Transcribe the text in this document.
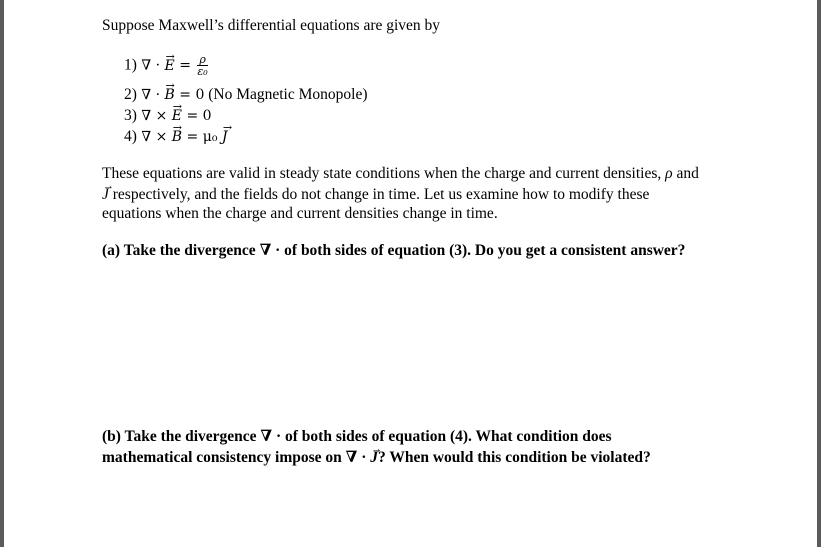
Suppose Maxwell’s differential equations are given by
1) ∇ · → $E = \frac{\rho}{\text{ε₀}}$
2) ∇ · → B = 0 (No Magnetic Monopole)
3) ∇ × → E = 0
4) ∇ × → B = μ₀ → J
These equations are valid in steady state conditions when the charge and current densities, ρ and
→ J respectively, and the fields do not change in time. Let us examine how to modify these
equations when the charge and current densities change in time.
(a) Take the divergence ∇ · of both sides of equation (3). Do you get a consistent answer?
(b) Take the divergence ∇ · of both sides of equation (4). What condition does
mathematical consistency impose on ∇ · → J? When would this condition be violated?
